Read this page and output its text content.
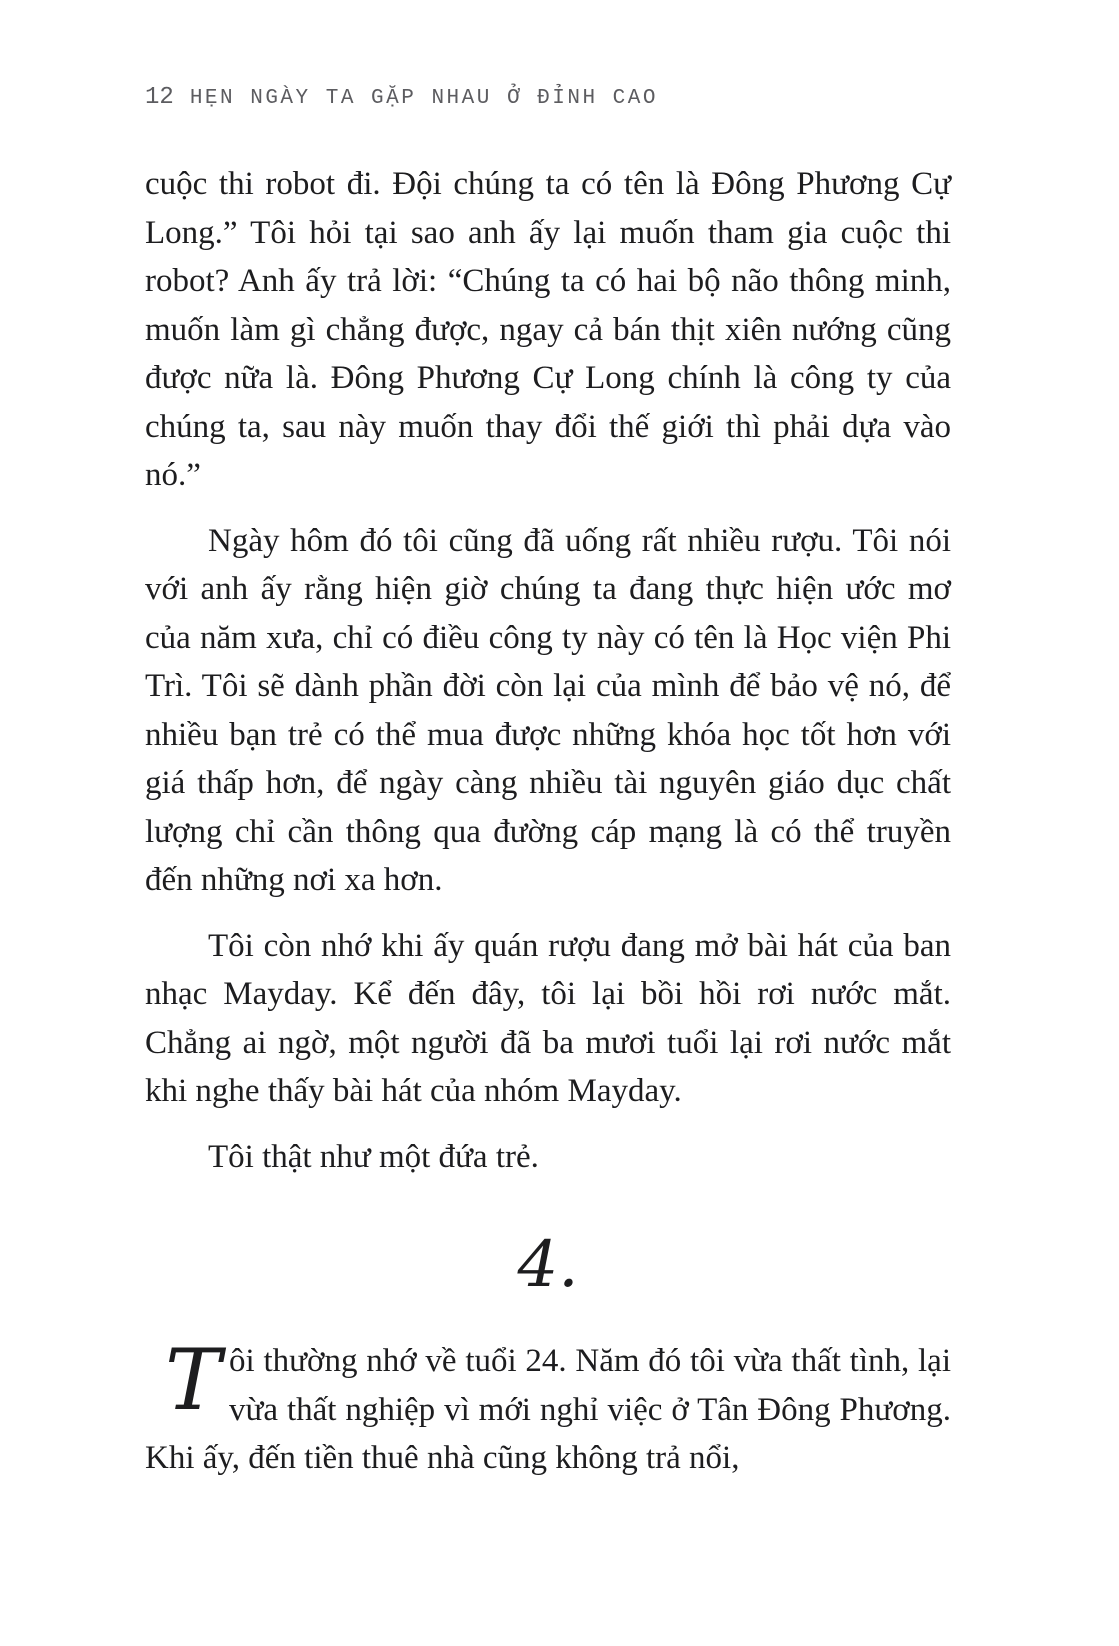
12 HẸN NGÀY TA GẶP NHAU Ở ĐỈNH CAO

cuộc thi robot đi. Đội chúng ta có tên là Đông Phương Cự Long.” Tôi hỏi tại sao anh ấy lại muốn tham gia cuộc thi robot? Anh ấy trả lời: “Chúng ta có hai bộ não thông minh, muốn làm gì chẳng được, ngay cả bán thịt xiên nướng cũng được nữa là. Đông Phương Cự Long chính là công ty của chúng ta, sau này muốn thay đổi thế giới thì phải dựa vào nó.”

Ngày hôm đó tôi cũng đã uống rất nhiều rượu. Tôi nói với anh ấy rằng hiện giờ chúng ta đang thực hiện ước mơ của năm xưa, chỉ có điều công ty này có tên là Học viện Phi Trì. Tôi sẽ dành phần đời còn lại của mình để bảo vệ nó, để nhiều bạn trẻ có thể mua được những khóa học tốt hơn với giá thấp hơn, để ngày càng nhiều tài nguyên giáo dục chất lượng chỉ cần thông qua đường cáp mạng là có thể truyền đến những nơi xa hơn.

Tôi còn nhớ khi ấy quán rượu đang mở bài hát của ban nhạc Mayday. Kể đến đây, tôi lại bồi hồi rơi nước mắt. Chẳng ai ngờ, một người đã ba mươi tuổi lại rơi nước mắt khi nghe thấy bài hát của nhóm Mayday.

Tôi thật như một đứa trẻ.

4.

Tôi thường nhớ về tuổi 24. Năm đó tôi vừa thất tình, lại vừa thất nghiệp vì mới nghỉ việc ở Tân Đông Phương. Khi ấy, đến tiền thuê nhà cũng không trả nổi,
